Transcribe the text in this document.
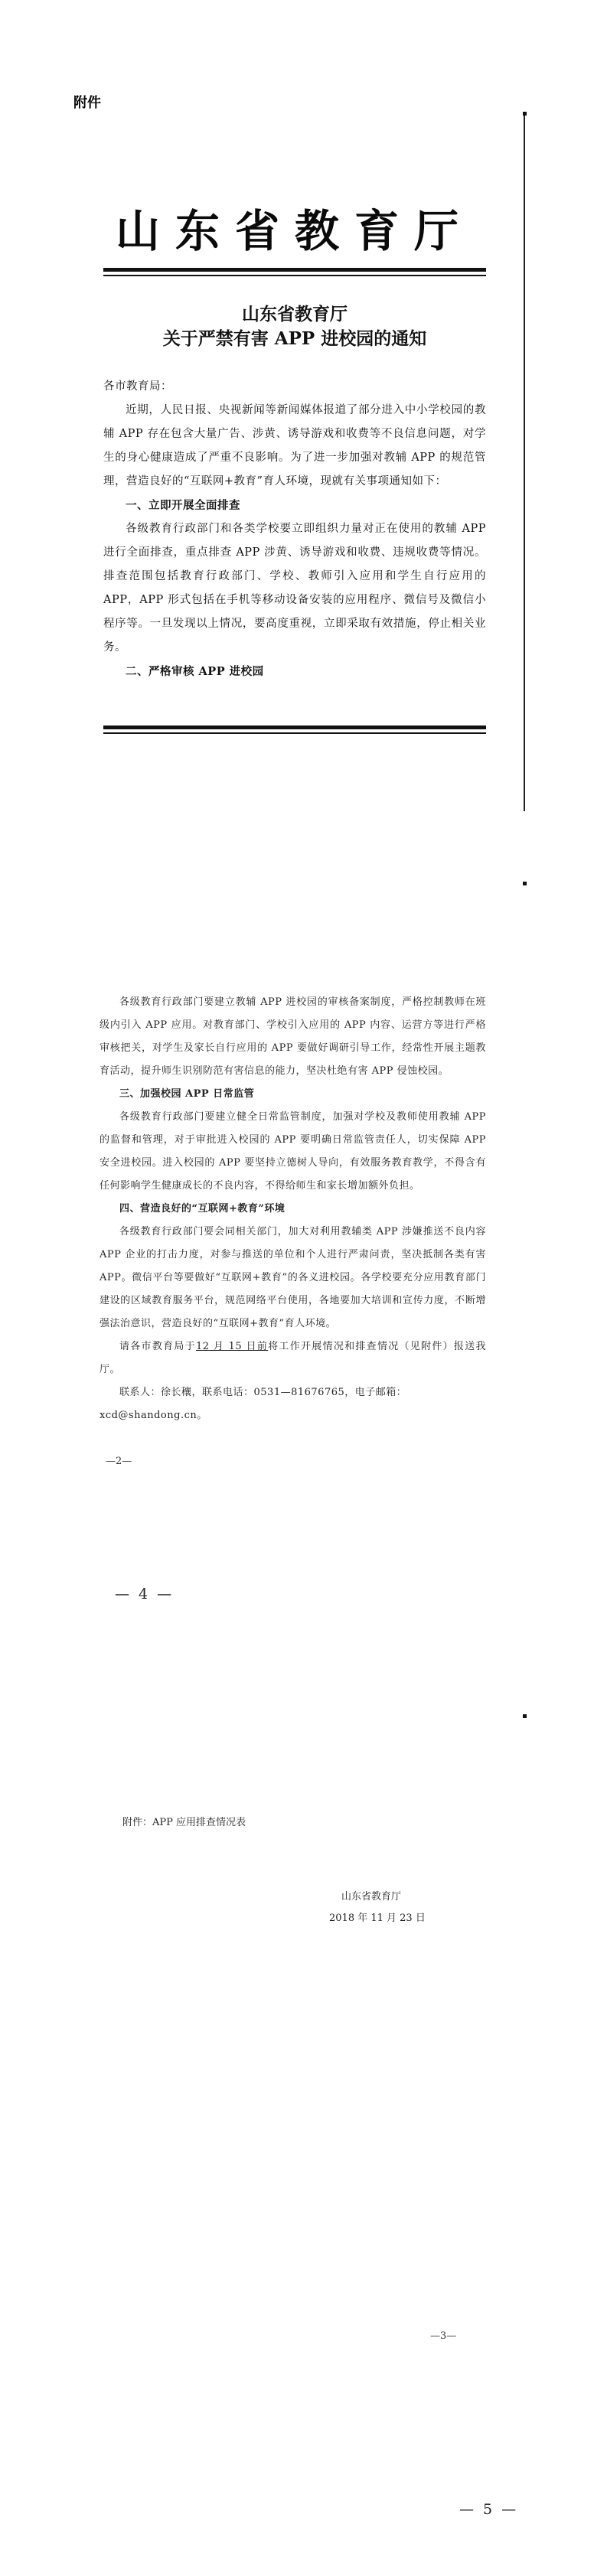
附件
山东省教育厅
山东省教育厅
关于严禁有害 APP 进校园的通知

各市教育局：

近期，人民日报、央视新闻等新闻媒体报道了部分进入中小学校园的教辅 APP 存在包含大量广告、涉黄、诱导游戏和收费等不良信息问题，对学生的身心健康造成了严重不良影响。为了进一步加强对教辅 APP 的规范管理，营造良好的“互联网+教育”育人环境，现就有关事项通知如下：

一、立即开展全面排查

各级教育行政部门和各类学校要立即组织力量对正在使用的教辅 APP 进行全面排查，重点排查 APP 涉黄、诱导游戏和收费、违规收费等情况。排查范围包括教育行政部门、学校、教师引入应用和学生自行应用的 APP，APP 形式包括在手机等移动设备安装的应用程序、微信号及微信小程序等。一旦发现以上情况，要高度重视，立即采取有效措施，停止相关业务。

二、严格审核 APP 进校园

各级教育行政部门要建立教辅 APP 进校园的审核备案制度，严格控制教师在班级内引入 APP 应用。对教育部门、学校引入应用的 APP 内容、运营方等进行严格审核把关，对学生及家长自行应用的 APP 要做好调研引导工作，经常性开展主题教育活动，提升师生识别防范有害信息的能力，坚决杜绝有害 APP 侵蚀校园。

三、加强校园 APP 日常监管

各级教育行政部门要建立健全日常监管制度，加强对学校及教师使用教辅 APP 的监督和管理，对于审批进入校园的 APP 要明确日常监管责任人，切实保障 APP 安全进校园。进入校园的 APP 要坚持立德树人导向，有效服务教育教学，不得含有任何影响学生健康成长的不良内容，不得给师生和家长增加额外负担。

四、营造良好的“互联网+教育”环境

各级教育行政部门要会同相关部门，加大对利用教辅类 APP 涉嫌推送不良内容 APP 企业的打击力度，对参与推送的单位和个人进行严肃问责，坚决抵制各类有害 APP。微信平台等要做好“互联网+教育”的各义进校园。各学校要充分应用教育部门建设的区域教育服务平台，规范网络平台使用，各地要加大培训和宣传力度，不断增强法治意识，营造良好的“互联网+教育”育人环境。

请各市教育局于12 月 15 日前将工作开展情况和排查情况（见附件）报送我厅。

联系人：徐长穰，联系电话：0531—81676765，电子邮箱：

xcd@shandong.cn。

—2—
— 4 —
附件：APP 应用排查情况表
山东省教育厅
2018 年 11 月 23 日
—3—
— 5 —
